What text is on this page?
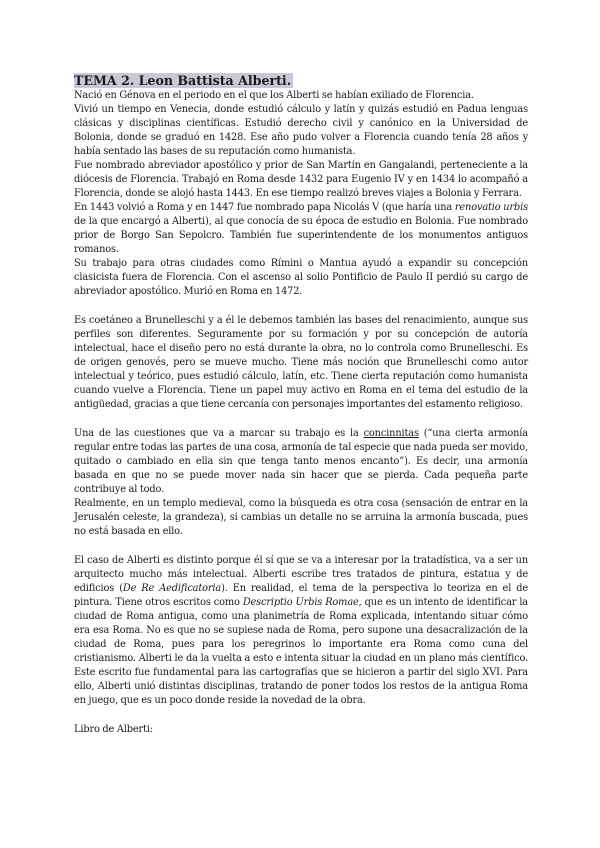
TEMA 2. Leon Battista Alberti.

Nació en Génova en el periodo en el que los Alberti se habían exiliado de Florencia.

Vivió un tiempo en Venecia, donde estudió cálculo y latín y quizás estudió en Padua lenguas clásicas y disciplinas científicas. Estudió derecho civil y canónico en la Universidad de Bolonia, donde se graduó en 1428. Ese año pudo volver a Florencia cuando tenía 28 años y había sentado las bases de su reputación como humanista.

Fue nombrado abreviador apostólico y prior de San Martín en Gangalandi, perteneciente a la diócesis de Florencia. Trabajó en Roma desde 1432 para Eugenio IV y en 1434 lo acompañó a Florencia, donde se alojó hasta 1443. En ese tiempo realizó breves viajes a Bolonia y Ferrara.

En 1443 volvió a Roma y en 1447 fue nombrado papa Nicolás V (que haría una renovatio urbis de la que encargó a Alberti), al que conocía de su época de estudio en Bolonia. Fue nombrado prior de Borgo San Sepolcro. También fue superintendente de los monumentos antiguos romanos.

Su trabajo para otras ciudades como Rímini o Mantua ayudó a expandir su concepción clasicista fuera de Florencia. Con el ascenso al solio Pontificio de Paulo II perdió su cargo de abreviador apostólico. Murió en Roma en 1472.

Es coetáneo a Brunelleschi y a él le debemos también las bases del renacimiento, aunque sus perfiles son diferentes. Seguramente por su formación y por su concepción de autoría intelectual, hace el diseño pero no está durante la obra, no lo controla como Brunelleschi. Es de origen genovés, pero se mueve mucho. Tiene más noción que Brunelleschi como autor intelectual y teórico, pues estudió cálculo, latín, etc. Tiene cierta reputación como humanista cuando vuelve a Florencia. Tiene un papel muy activo en Roma en el tema del estudio de la antigüedad, gracias a que tiene cercanía con personajes importantes del estamento religioso.

Una de las cuestiones que va a marcar su trabajo es la concinnitas (“una cierta armonía regular entre todas las partes de una cosa, armonía de tal especie que nada pueda ser movido, quitado o cambiado en ella sin que tenga tanto menos encanto”). Es decir, una armonía basada en que no se puede mover nada sin hacer que se pierda. Cada pequeña parte contribuye al todo.

Realmente, en un templo medieval, como la búsqueda es otra cosa (sensación de entrar en la Jerusalén celeste, la grandeza), si cambias un detalle no se arruina la armonía buscada, pues no está basada en ello.

El caso de Alberti es distinto porque él sí que se va a interesar por la tratadística, va a ser un arquitecto mucho más intelectual. Alberti escribe tres tratados de pintura, estatua y de edificios (De Re Aedificatoria). En realidad, el tema de la perspectiva lo teoriza en el de pintura. Tiene otros escritos como Descriptio Urbis Romae, que es un intento de identificar la ciudad de Roma antigua, como una planimetría de Roma explicada, intentando situar cómo era esa Roma. No es que no se supiese nada de Roma, pero supone una desacralización de la ciudad de Roma, pues para los peregrinos lo importante era Roma como cuna del cristianismo. Alberti le da la vuelta a esto e intenta situar la ciudad en un plano más científico. Este escrito fue fundamental para las cartografías que se hicieron a partir del siglo XVI. Para ello, Alberti unió distintas disciplinas, tratando de poner todos los restos de la antigua Roma en juego, que es un poco donde reside la novedad de la obra.

Libro de Alberti:
